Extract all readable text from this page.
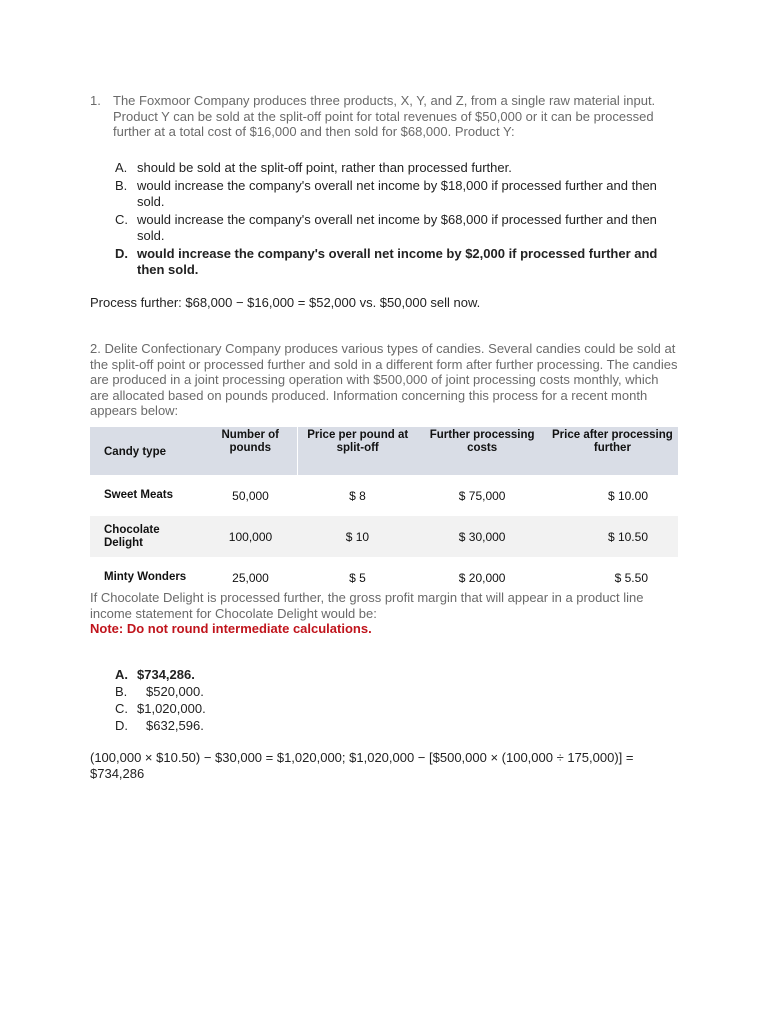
1. The Foxmoor Company produces three products, X, Y, and Z, from a single raw material input. Product Y can be sold at the split-off point for total revenues of $50,000 or it can be processed further at a total cost of $16,000 and then sold for $68,000. Product Y:
A. should be sold at the split-off point, rather than processed further.
B. would increase the company's overall net income by $18,000 if processed further and then sold.
C. would increase the company's overall net income by $68,000 if processed further and then sold.
D. would increase the company's overall net income by $2,000 if processed further and then sold.
Process further: $68,000 − $16,000 = $52,000 vs. $50,000 sell now.
2. Delite Confectionary Company produces various types of candies. Several candies could be sold at the split-off point or processed further and sold in a different form after further processing. The candies are produced in a joint processing operation with $500,000 of joint processing costs monthly, which are allocated based on pounds produced. Information concerning this process for a recent month appears below:
Candy type	Number of pounds	Price per pound at split-off	Further processing costs	Price after processing further
Sweet Meats	50,000	$ 8	$ 75,000	$ 10.00
Chocolate Delight	100,000	$ 10	$ 30,000	$ 10.50
Minty Wonders	25,000	$ 5	$ 20,000	$ 5.50
If Chocolate Delight is processed further, the gross profit margin that will appear in a product line income statement for Chocolate Delight would be:
Note: Do not round intermediate calculations.
A. $734,286.
B. $520,000.
C. $1,020,000.
D. $632,596.
(100,000 × $10.50) − $30,000 = $1,020,000; $1,020,000 − [$500,000 × (100,000 ÷ 175,000)] = $734,286
